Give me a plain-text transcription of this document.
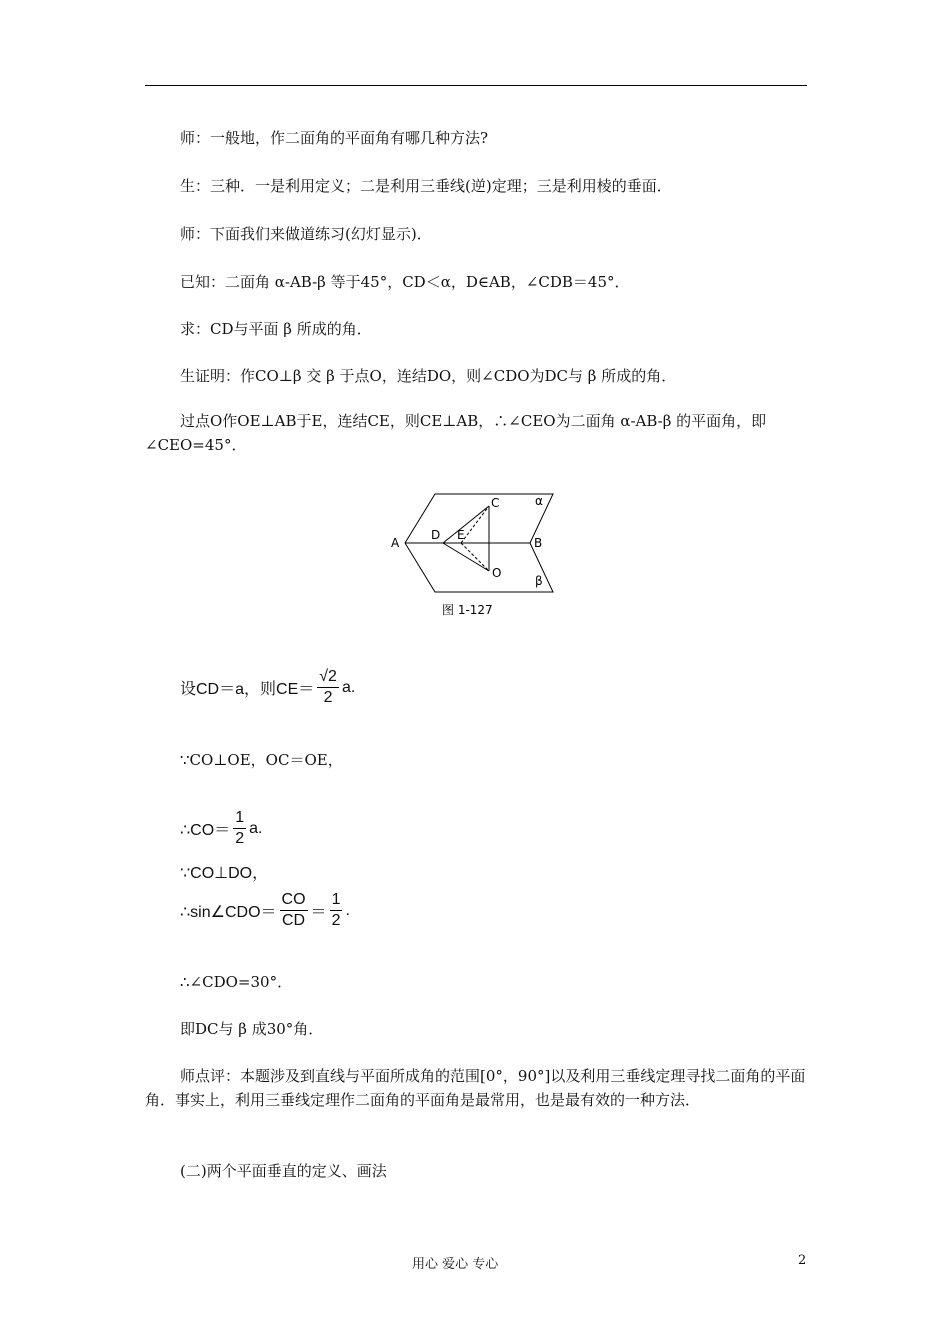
师：一般地，作二面角的平面角有哪几种方法?
生：三种．一是利用定义；二是利用三垂线(逆)定理；三是利用棱的垂面．
师：下面我们来做道练习(幻灯显示)．
已知：二面角 α-AB-β 等于45°，CD＜α，D∈AB，∠CDB＝45°．
求：CD与平面 β 所成的角．
生证明：作CO⊥β 交 β 于点O，连结DO，则∠CDO为DC与 β 所成的角．
过点O作OE⊥AB于E，连结CE，则CE⊥AB，∴∠CEO为二面角 α-AB-β 的平面角，即∠CEO=45°．
A	B
C
D E
O
α
β
图 1-127
设CD＝a，则$CE= \frac{√2}{2} a$.
∵CO⊥OE，OC＝OE，
∴CO＝ $\frac{1}{2} a$.
∵CO⊥DO，
∴sin∠CDO＝ $\frac{CO}{CD} = \frac{1}{2}$ .
∴∠CDO=30°．
即DC与 β 成30°角．
师点评：本题涉及到直线与平面所成角的范围[0°，90°]以及利用三垂线定理寻找二面角的平面角．事实上，利用三垂线定理作二面角的平面角是最常用，也是最有效的一种方法．
(二)两个平面垂直的定义、画法
用心 爱心 专心	2
